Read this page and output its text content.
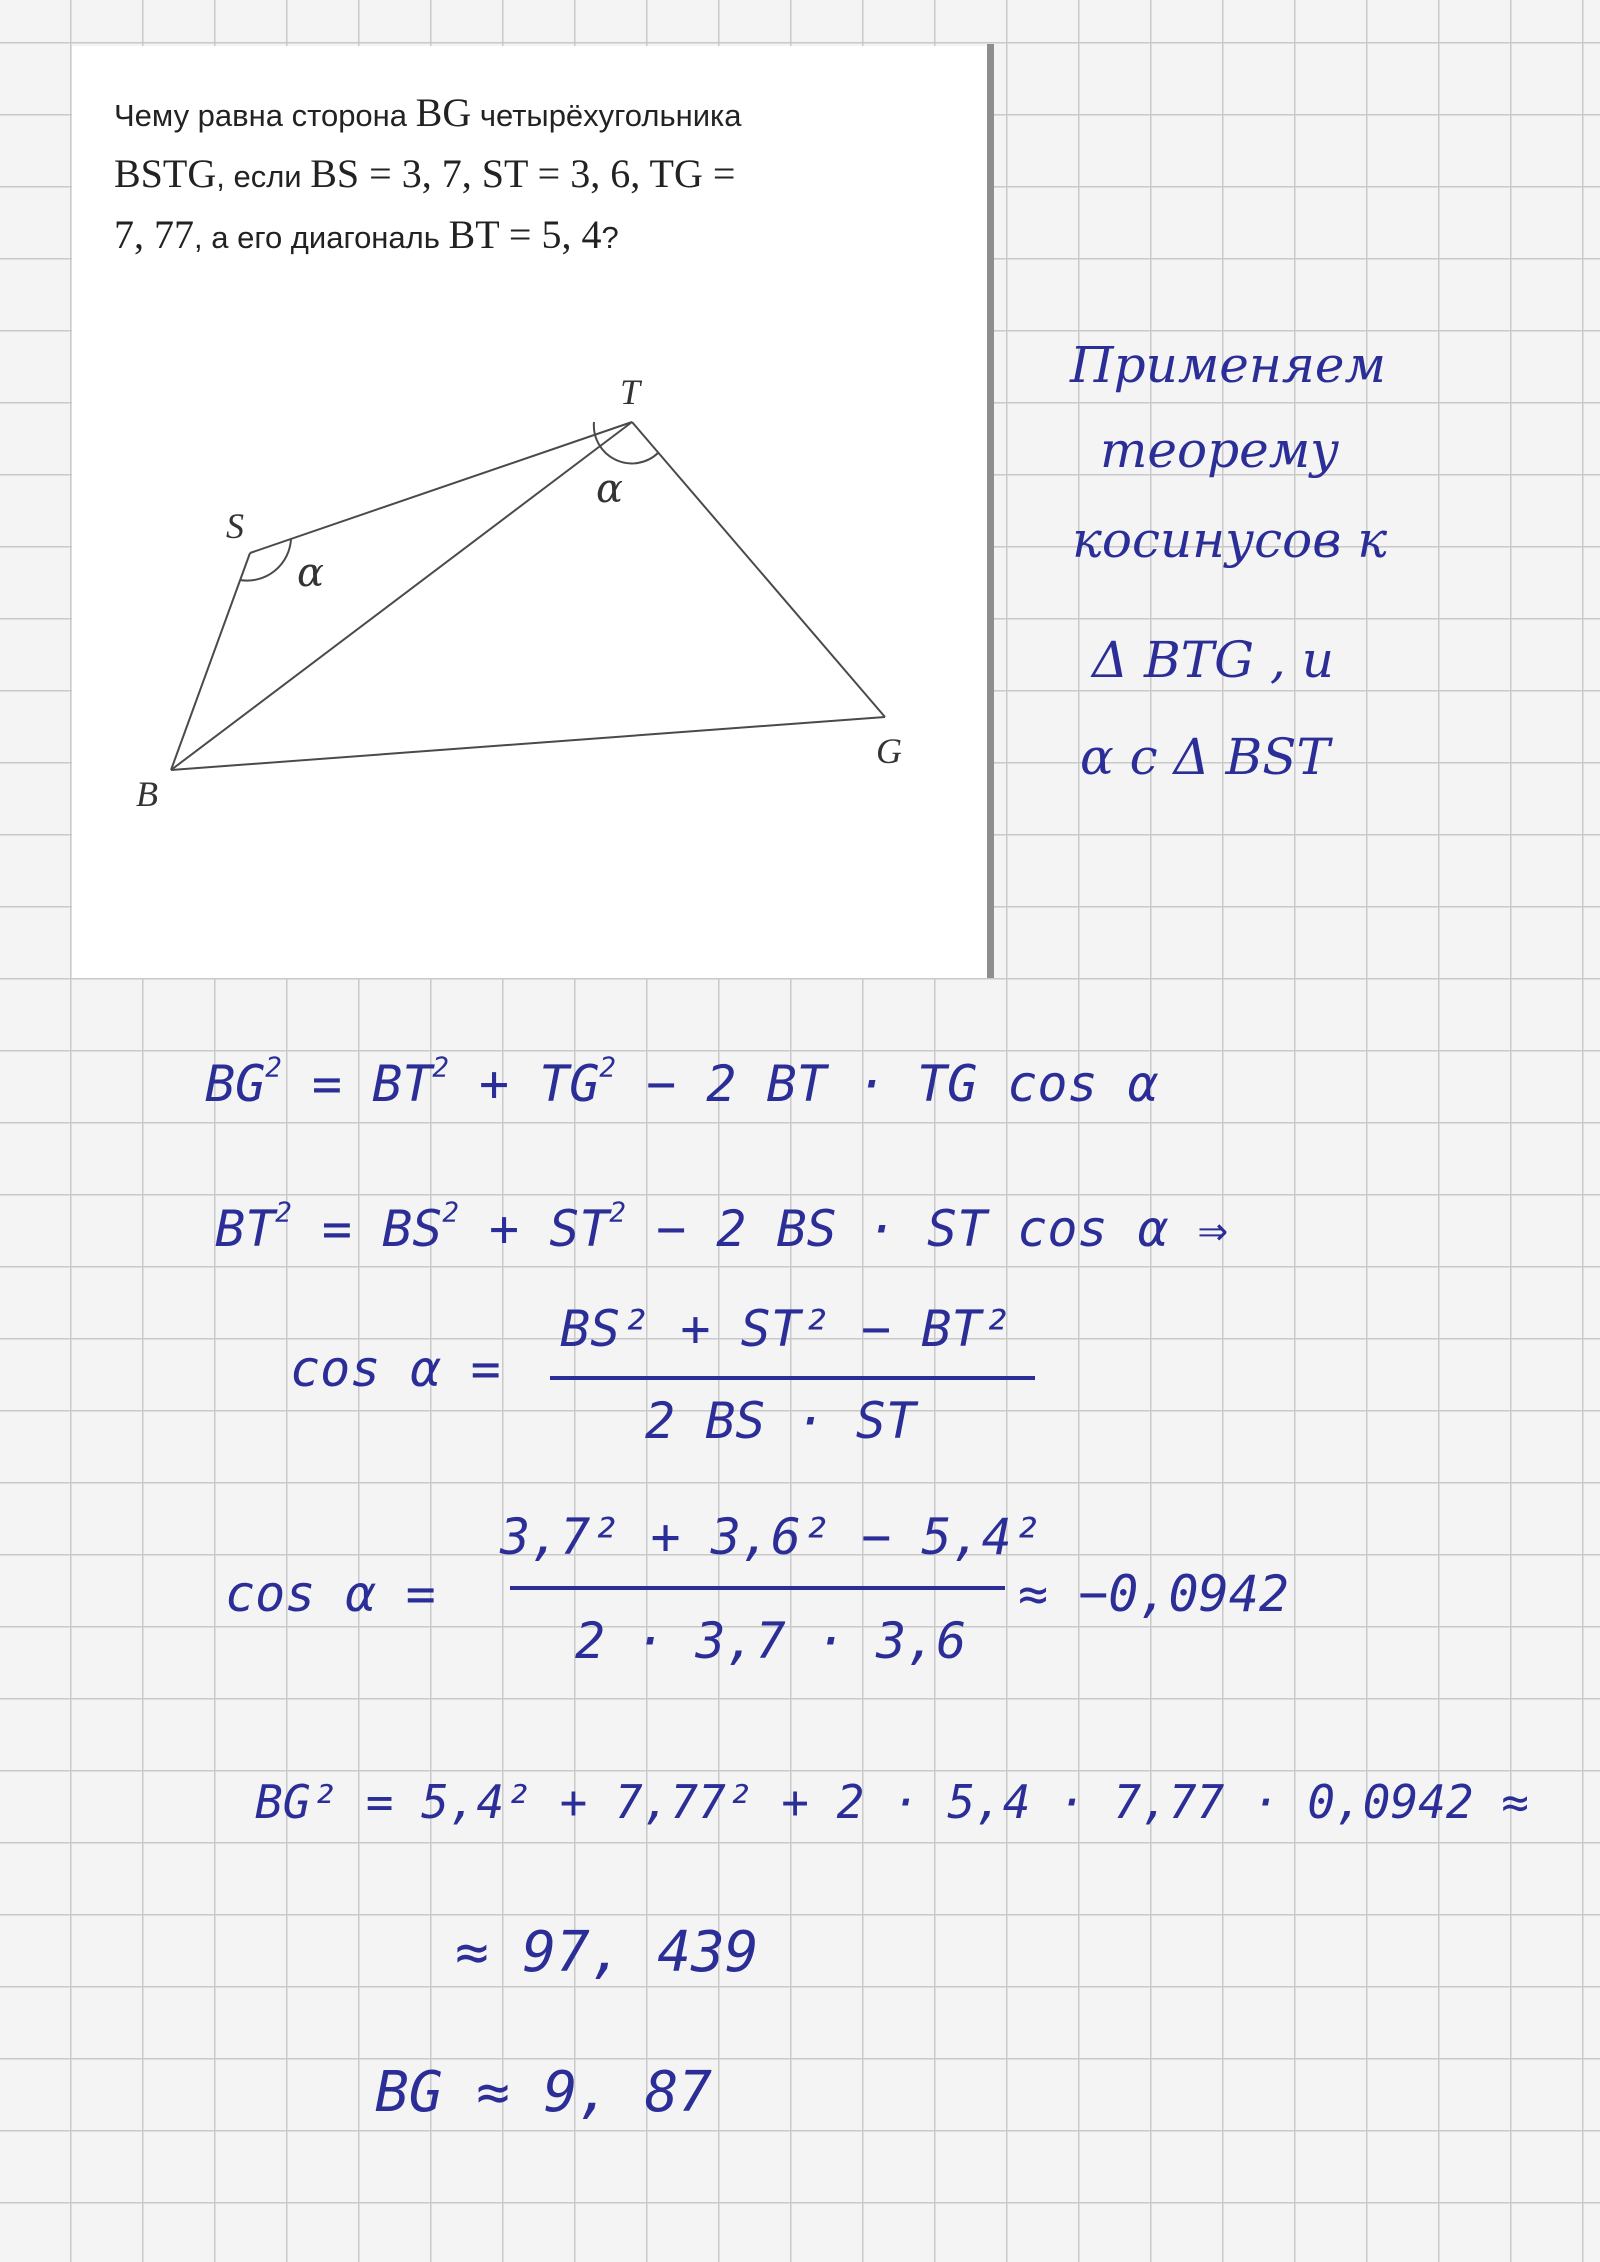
Чему равна сторона BG четырёхугольника
BSTG, если BS = 3, 7, ST = 3, 6, TG =
7, 77, а его диагональ BT = 5, 4?
B
S
T
G
α
α
Применяем
теорему
косинусов к
Δ BTG , и
α с Δ BST
$BG^2 = BT^2 + TG^2 - 2$ BT · TG cos α
$BT^2 = BS^2 + ST^2 - 2$ BS · ST cos α ⇒
cos α =
BS² + ST² − BT²
2 BS · ST
cos α =
3,7² + 3,6² − 5,4²
2 · 3,7 · 3,6
≈ −0,0942
BG² = 5,4² + 7,77² + 2 · 5,4 · 7,77 · 0,0942 ≈
≈ 97, 439
BG ≈ 9, 87
